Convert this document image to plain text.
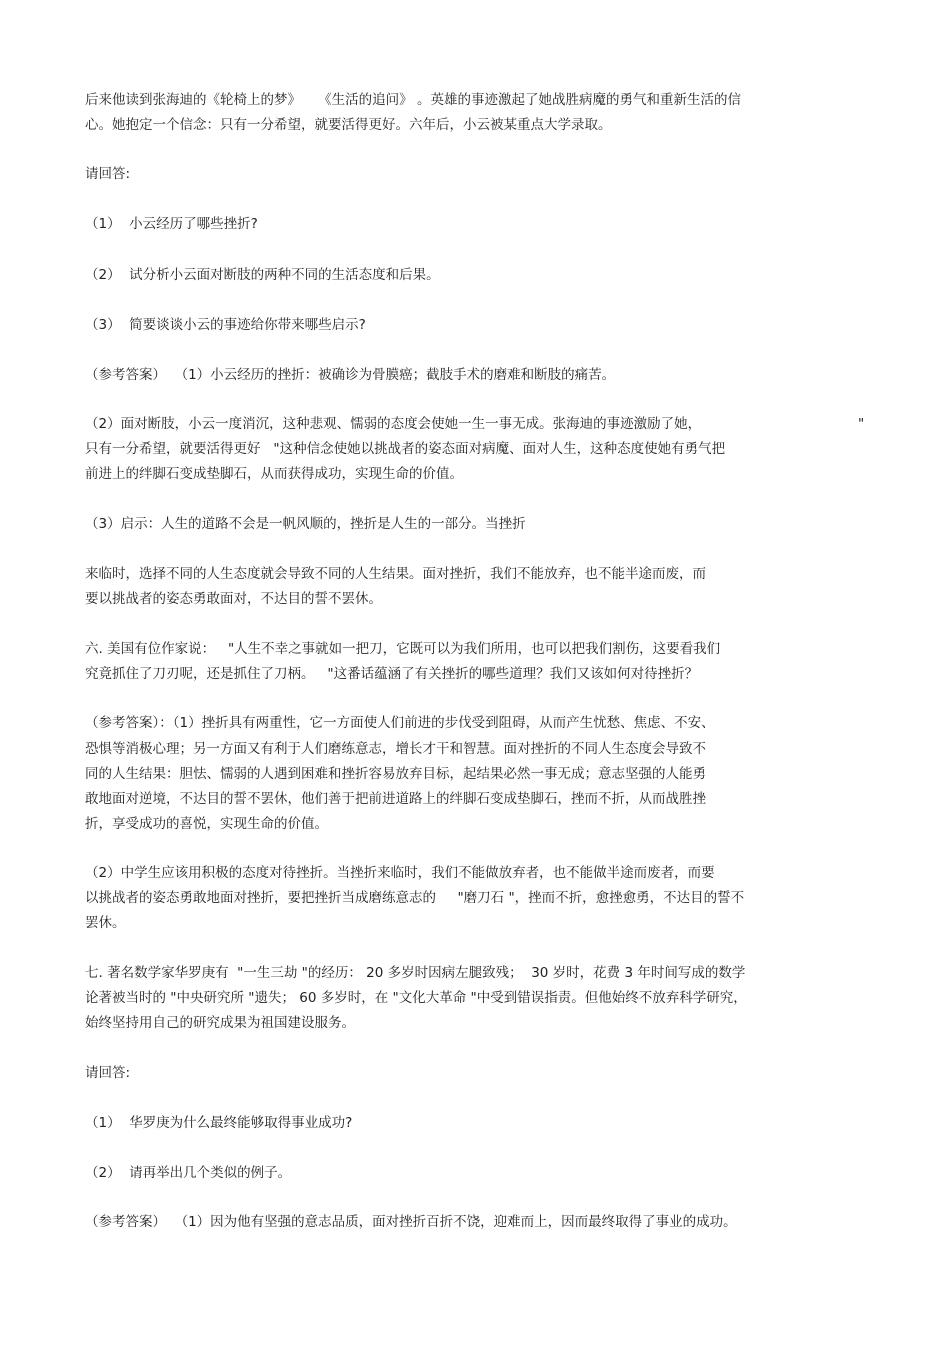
后来他读到张海迪的《轮椅上的梦》    《生活的追问》 。英雄的事迹激起了她战胜病魔的勇气和重新生活的信
心。她抱定一个信念：只有一分希望，就要活得更好。六年后，小云被某重点大学录取。
请回答:
（1）  小云经历了哪些挫折?
（2）  试分析小云面对断肢的两种不同的生活态度和后果。
（3）  简要谈谈小云的事迹给你带来哪些启示?
（参考答案）  （1）小云经历的挫折：被确诊为骨膜癌；截肢手术的磨难和断肢的痛苦。
（2）面对断肢，小云一度消沉，这种悲观、懦弱的态度会使她一生一事无成。张海迪的事迹激励了她，	"
只有一分希望，就要活得更好   "这种信念使她以挑战者的姿态面对病魔、面对人生，这种态度使她有勇气把
前进上的绊脚石变成垫脚石，从而获得成功，实现生命的价值。
（3）启示：人生的道路不会是一帆风顺的，挫折是人生的一部分。当挫折
来临时，选择不同的人生态度就会导致不同的人生结果。面对挫折，我们不能放弃，也不能半途而废，而
要以挑战者的姿态勇敢面对，不达目的誓不罢休。
六. 美国有位作家说：   "人生不幸之事就如一把刀，它既可以为我们所用，也可以把我们割伤，这要看我们
究竟抓住了刀刃呢，还是抓住了刀柄。   "这番话蕴涵了有关挫折的哪些道理？我们又该如何对待挫折？
（参考答案）：（1）挫折具有两重性，它一方面使人们前进的步伐受到阻碍，从而产生忧愁、焦虑、不安、
恐惧等消极心理；另一方面又有利于人们磨练意志，增长才干和智慧。面对挫折的不同人生态度会导致不
同的人生结果：胆怯、懦弱的人遇到困难和挫折容易放弃目标，起结果必然一事无成；意志坚强的人能勇
敢地面对逆境，不达目的誓不罢休，他们善于把前进道路上的绊脚石变成垫脚石，挫而不折，从而战胜挫
折，享受成功的喜悦，实现生命的价值。
（2）中学生应该用积极的态度对待挫折。当挫折来临时，我们不能做放弃者，也不能做半途而废者，而要
以挑战者的姿态勇敢地面对挫折，要把挫折当成磨练意志的     "磨刀石 "，挫而不折，愈挫愈勇，不达目的誓不
罢休。
七. 著名数学家华罗庚有  "一生三劫 "的经历： 20 多岁时因病左腿致残；  30 岁时，花费 3 年时间写成的数学
论著被当时的 "中央研究所 "遗失； 60 多岁时，在 "文化大革命 "中受到错误指责。但他始终不放弃科学研究，
始终坚持用自己的研究成果为祖国建设服务。
请回答:
（1）  华罗庚为什么最终能够取得事业成功?
（2）  请再举出几个类似的例子。
（参考答案）  （1）因为他有坚强的意志品质，面对挫折百折不饶，迎难而上，因而最终取得了事业的成功。
